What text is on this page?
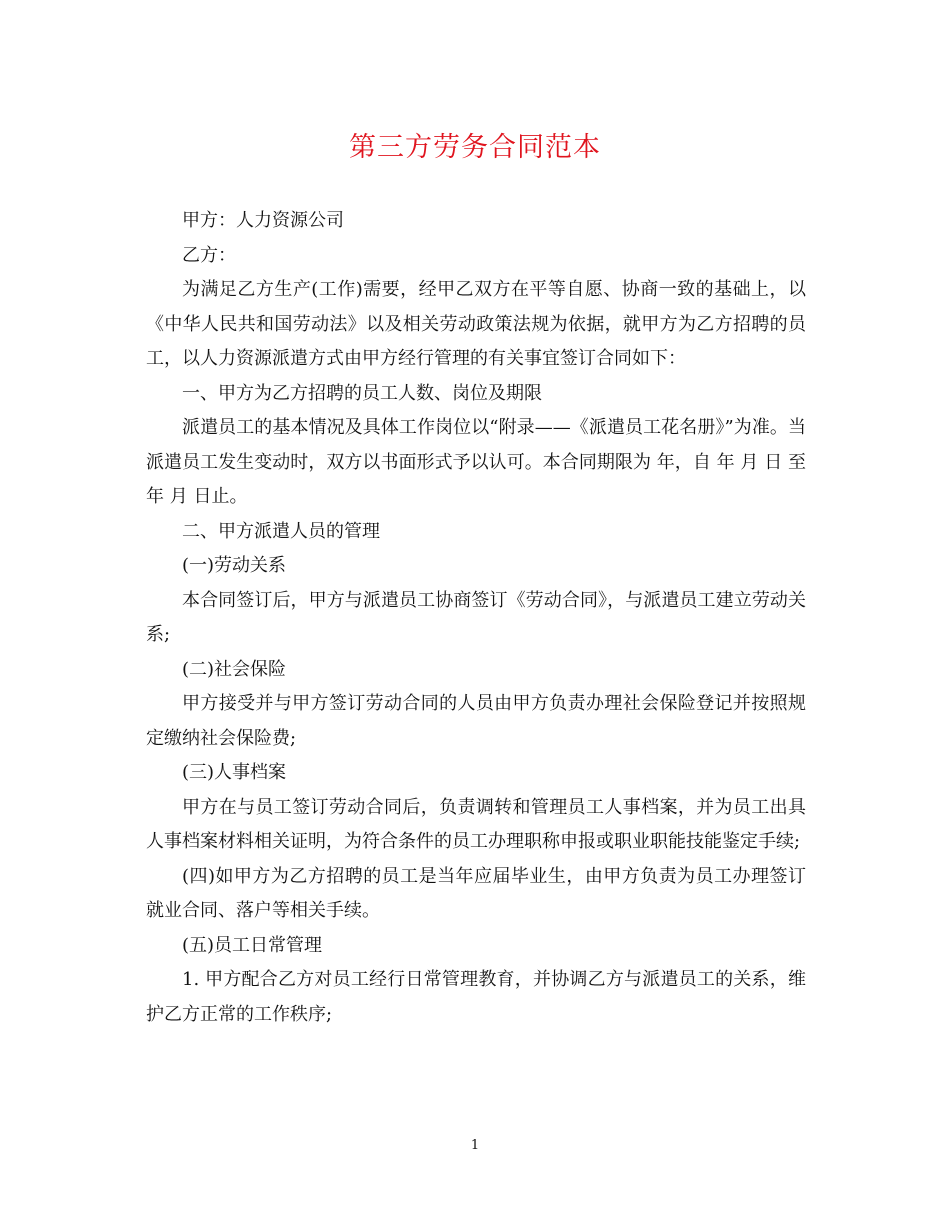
第三方劳务合同范本

甲方：人力资源公司

乙方：

为满足乙方生产(工作)需要，经甲乙双方在平等自愿、协商一致的基础上，以《中华人民共和国劳动法》以及相关劳动政策法规为依据，就甲方为乙方招聘的员工，以人力资源派遣方式由甲方经行管理的有关事宜签订合同如下：

一、甲方为乙方招聘的员工人数、岗位及期限

派遣员工的基本情况及具体工作岗位以“附录——《派遣员工花名册》”为准。当派遣员工发生变动时，双方以书面形式予以认可。本合同期限为 年，自 年 月 日 至 年 月 日止。

二、甲方派遣人员的管理

(一)劳动关系

本合同签订后，甲方与派遣员工协商签订《劳动合同》，与派遣员工建立劳动关系;

(二)社会保险

甲方接受并与甲方签订劳动合同的人员由甲方负责办理社会保险登记并按照规定缴纳社会保险费;

(三)人事档案

甲方在与员工签订劳动合同后，负责调转和管理员工人事档案，并为员工出具人事档案材料相关证明，为符合条件的员工办理职称申报或职业职能技能鉴定手续;

(四)如甲方为乙方招聘的员工是当年应届毕业生，由甲方负责为员工办理签订就业合同、落户等相关手续。

(五)员工日常管理

1. 甲方配合乙方对员工经行日常管理教育，并协调乙方与派遣员工的关系，维护乙方正常的工作秩序;

1
